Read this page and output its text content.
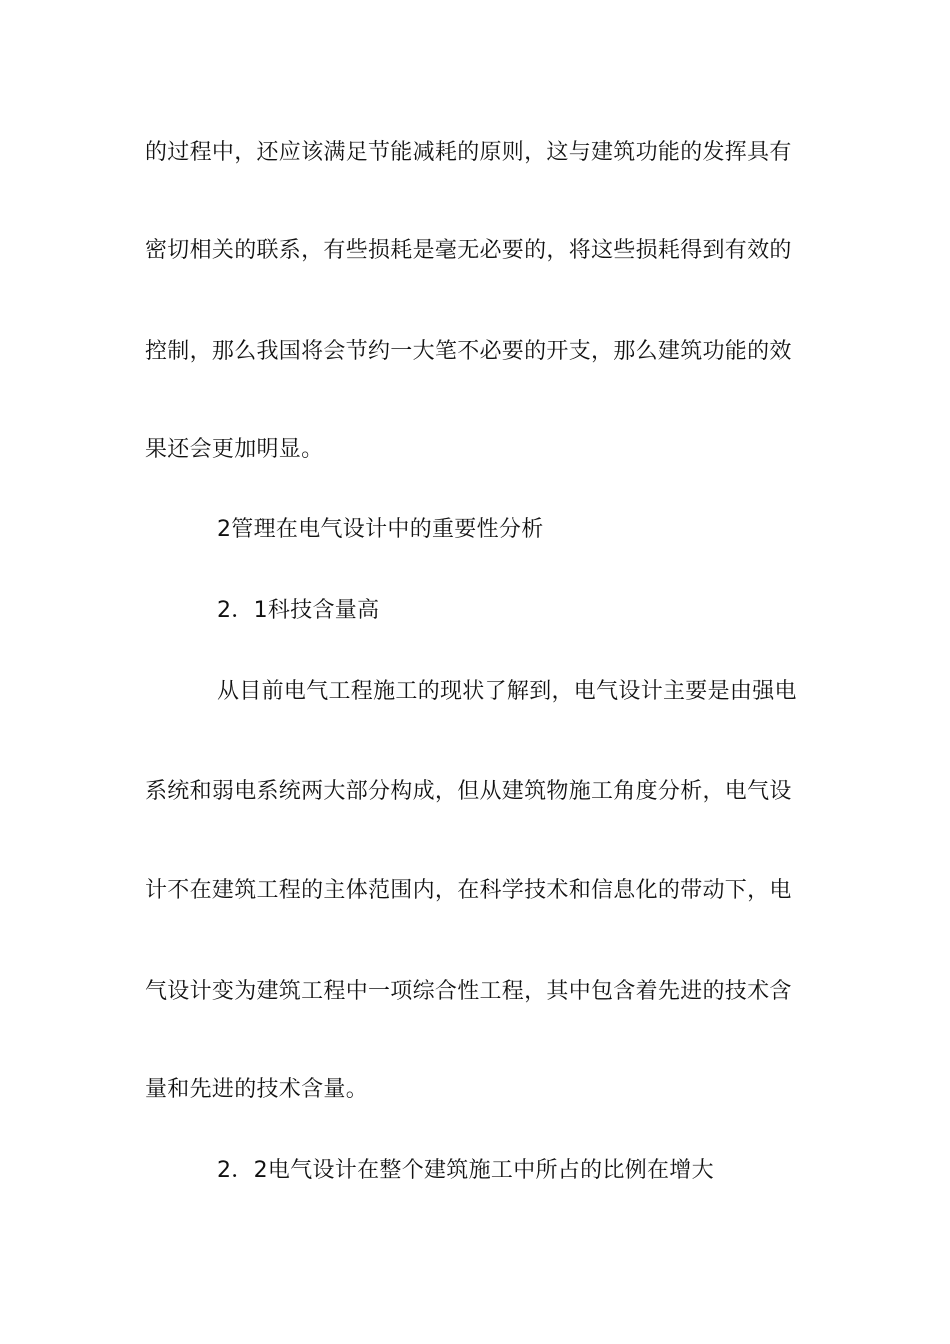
的过程中，还应该满足节能减耗的原则，这与建筑功能的发挥具有
密切相关的联系，有些损耗是毫无必要的，将这些损耗得到有效的
控制，那么我国将会节约一大笔不必要的开支，那么建筑功能的效
果还会更加明显。
2管理在电气设计中的重要性分析
2．1科技含量高
从目前电气工程施工的现状了解到，电气设计主要是由强电
系统和弱电系统两大部分构成，但从建筑物施工角度分析，电气设
计不在建筑工程的主体范围内，在科学技术和信息化的带动下，电
气设计变为建筑工程中一项综合性工程，其中包含着先进的技术含
量和先进的技术含量。
2．2电气设计在整个建筑施工中所占的比例在增大
